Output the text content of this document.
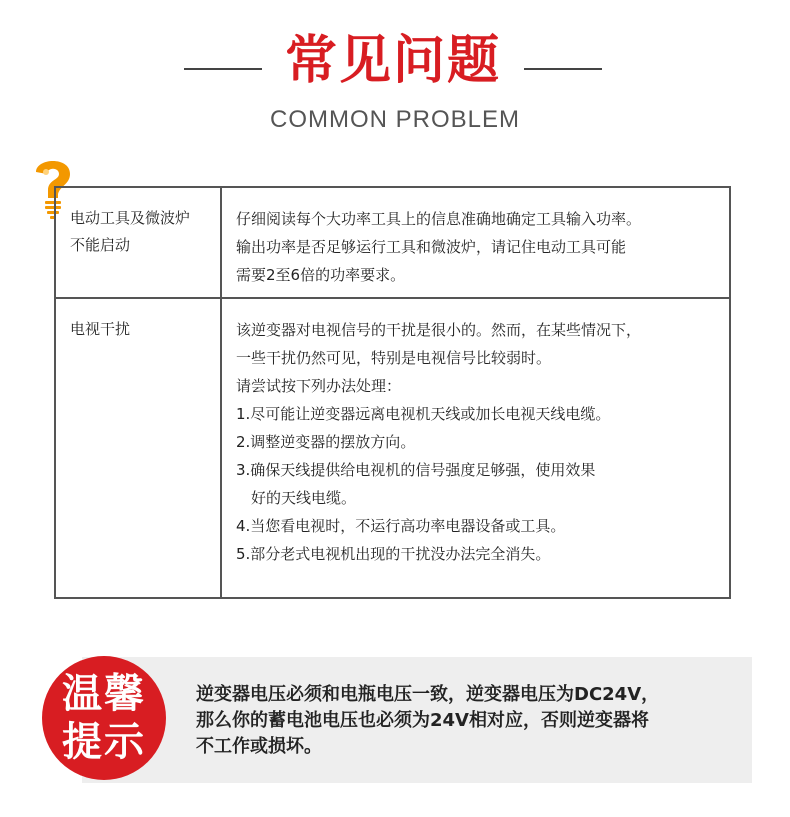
常见问题
COMMON PROBLEM
电动工具及微波炉
不能启动
仔细阅读每个大功率工具上的信息准确地确定工具输入功率。
输出功率是否足够运行工具和微波炉，请记住电动工具可能
需要2至6倍的功率要求。
电视干扰	该逆变器对电视信号的干扰是很小的。然而，在某些情况下，
一些干扰仍然可见，特别是电视信号比较弱时。
请尝试按下列办法处理：
1.尽可能让逆变器远离电视机天线或加长电视天线电缆。
2.调整逆变器的摆放方向。
3.确保天线提供给电视机的信号强度足够强，使用效果
好的天线电缆。
4.当您看电视时，不运行高功率电器设备或工具。
5.部分老式电视机出现的干扰没办法完全消失。
温馨
提示
逆变器电压必须和电瓶电压一致，逆变器电压为DC24V，
那么你的蓄电池电压也必须为24V相对应，否则逆变器将
不工作或损坏。
